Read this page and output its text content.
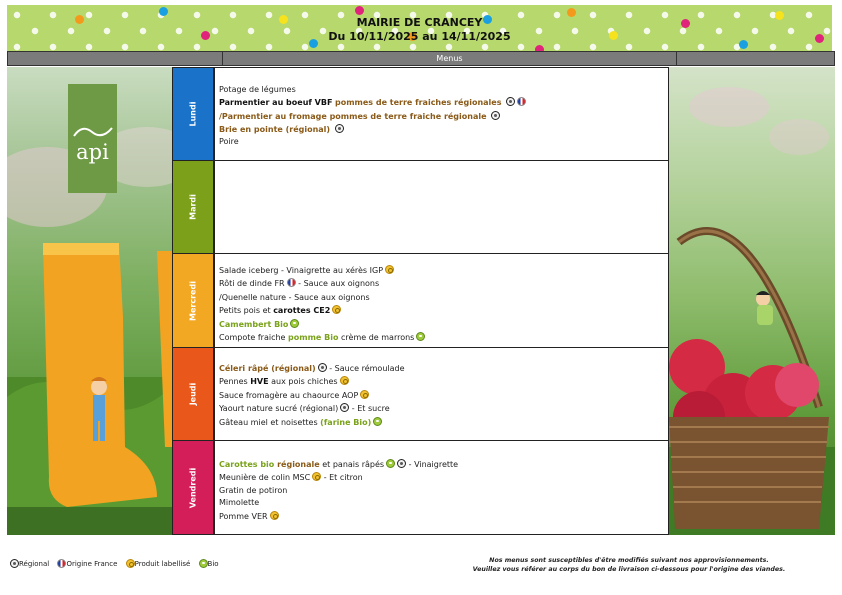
MAIRIE DE CRANCEY
Du 10/11/2025 au 14/11/2025
Menus
api
Lundi
Mardi
Mercredi
Jeudi
Vendredi
Potage de légumes
Parmentier au boeuf VBF pommes de terre fraiches régionales
/Parmentier au fromage pommes de terre fraiche régionale
Brie en pointe (régional)
Poire
Salade iceberg - Vinaigrette au xérès IGP
Rôti de dinde FR - Sauce aux oignons
/Quenelle nature - Sauce aux oignons
Petits pois et carottes CE2
Camembert Bio
Compote fraiche pomme Bio crème de marrons
Céleri râpé (régional) - Sauce rémoulade
Pennes HVE aux pois chiches
Sauce fromagère au chaource AOP
Yaourt nature sucré (régional) - Et sucre
Gâteau miel et noisettes (farine Bio)
Carottes bio régionale et panais râpés	- Vinaigrette
Meunière de colin MSC - Et citron
Gratin de potiron
Mimolette
Pomme VER
Régional Origine France Produit labellisé Bio	Nos menus sont susceptibles d'être modifiés suivant nos approvisionnements.
Veuillez vous référer au corps du bon de livraison ci-dessous pour l'origine des viandes.
